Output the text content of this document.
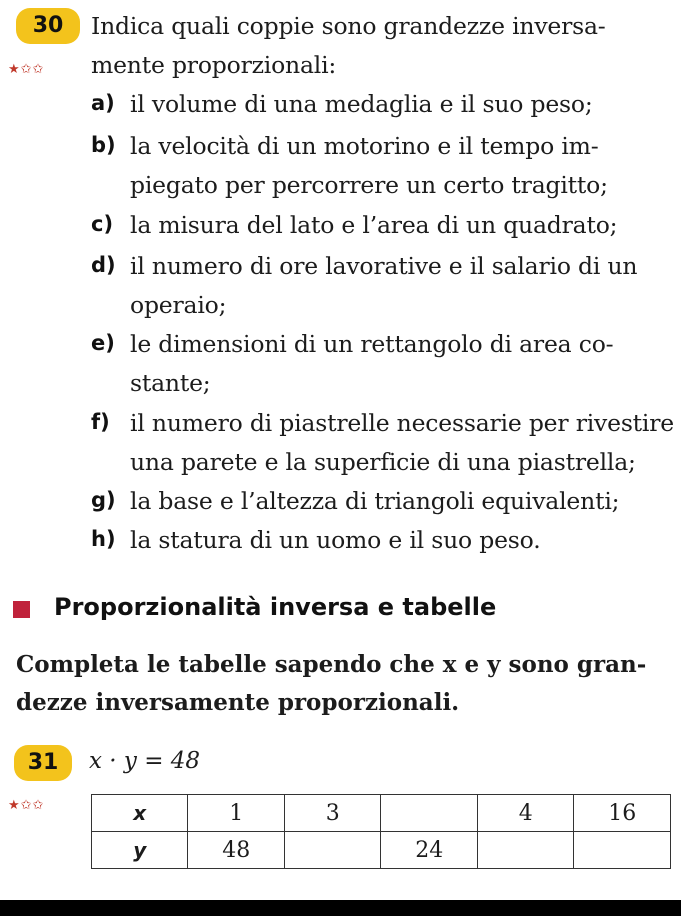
30
★✩✩
Indica quali coppie sono grandezze inversa-
mente proporzionali:
a) il volume di una medaglia e il suo peso;
b) la velocità di un motorino e il tempo im-
piegato per percorrere un certo tragitto;
c) la misura del lato e l’area di un quadrato;
d) il numero di ore lavorative e il salario di un
operaio;
e) le dimensioni di un rettangolo di area co-
stante;
f) il numero di piastrelle necessarie per rivestire
una parete e la superficie di una piastrella;
g) la base e l’altezza di triangoli equivalenti;
h) la statura di un uomo e il suo peso.
Proporzionalità inversa e tabelle
Completa le tabelle sapendo che x e y sono gran-
dezze inversamente proporzionali.
31
★✩✩
x · y = 48
x	1	3		4	16
y	48		24		
